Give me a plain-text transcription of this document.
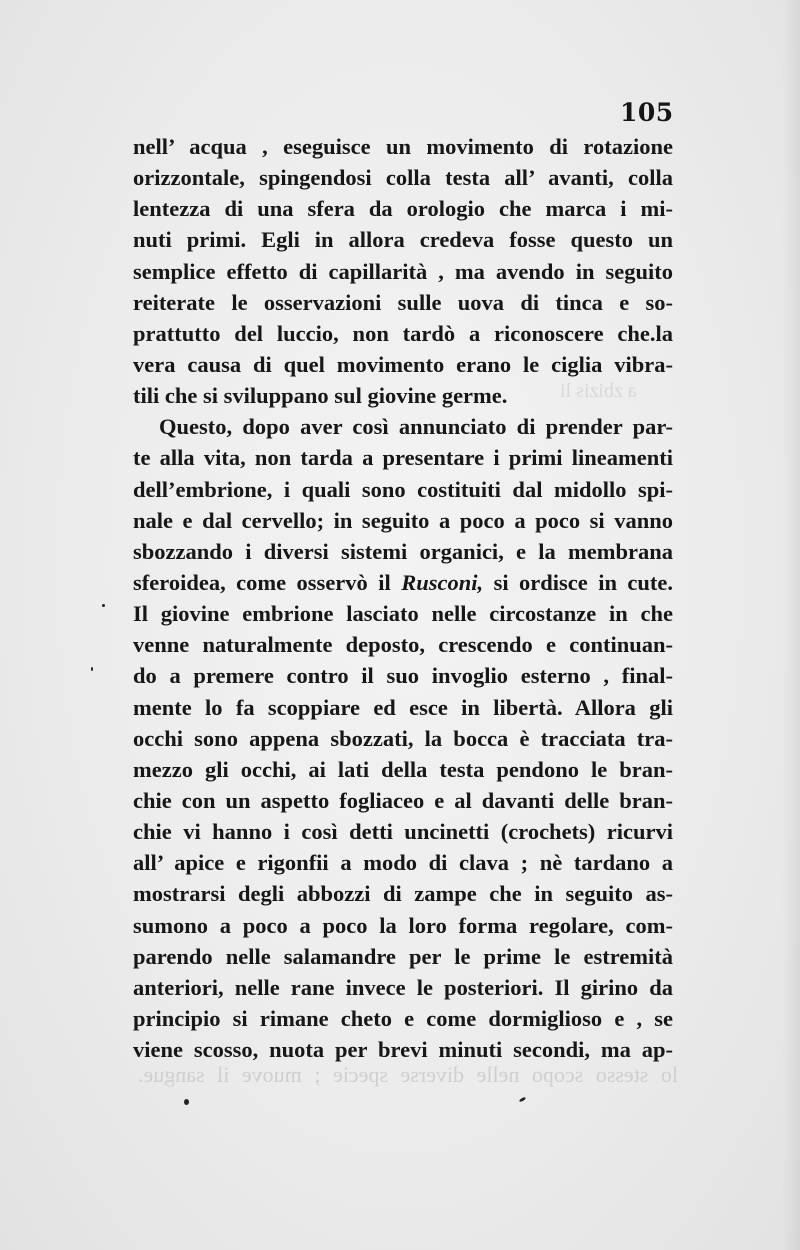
a zbizis li
105
nell’ acqua , eseguisce un movimento di rotazione
orizzontale, spingendosi colla testa all’ avanti, colla
lentezza di una sfera da orologio che marca i mi-
nuti primi. Egli in allora credeva fosse questo un
semplice effetto di capillarità , ma avendo in seguito
reiterate le osservazioni sulle uova di tinca e so-
prattutto del luccio, non tardò a riconoscere che.la
vera causa di quel movimento erano le ciglia vibra-
tili che si sviluppano sul giovine germe.
Questo, dopo aver così annunciato di prender par-
te alla vita, non tarda a presentare i primi lineamenti
dell’embrione, i quali sono costituiti dal midollo spi-
nale e dal cervello; in seguito a poco a poco si vanno
sbozzando i diversi sistemi organici, e la membrana
sferoidea, come osservò il Rusconi, si ordisce in cute.
Il giovine embrione lasciato nelle circostanze in che
venne naturalmente deposto, crescendo e continuan-
do a premere contro il suo invoglio esterno , final-
mente lo fa scoppiare ed esce in libertà. Allora gli
occhi sono appena sbozzati, la bocca è tracciata tra-
mezzo gli occhi, ai lati della testa pendono le bran-
chie con un aspetto fogliaceo e al davanti delle bran-
chie vi hanno i così detti uncinetti (crochets) ricurvi
all’ apice e rigonfii a modo di clava ; nè tardano a
mostrarsi degli abbozzi di zampe che in seguito as-
sumono a poco a poco la loro forma regolare, com-
parendo nelle salamandre per le prime le estremità
anteriori, nelle rane invece le posteriori. Il girino da
principio si rimane cheto e come dormiglioso e , se
viene scosso, nuota per brevi minuti secondi, ma ap-
lo stesso scopo nelle diverse specie ; muove il sangue.
